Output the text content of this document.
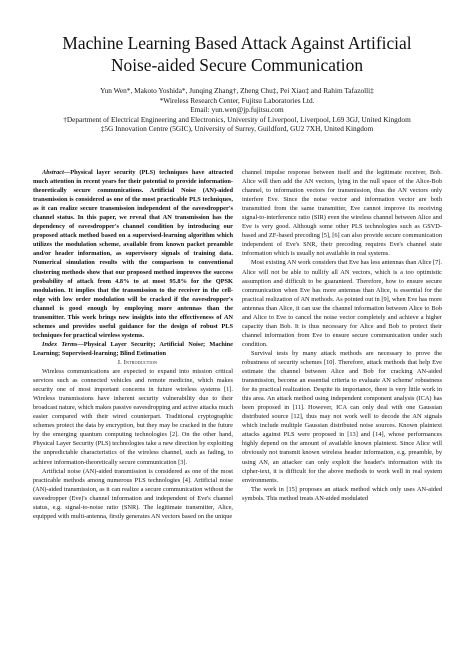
Machine Learning Based Attack Against Artificial
Noise-aided Secure Communication
Yun Wen*, Makoto Yoshida*, Junqing Zhang†, Zheng Chu‡, Pei Xiao‡ and Rahim Tafazolli‡
*Wireless Research Center, Fujitsu Laboratories Ltd.
Email: yun.wen@jp.fujitsu.com
†Department of Electrical Engineering and Electronics, University of Liverpool, Liverpool, L69 3GJ, United Kingdom
‡5G Innovation Centre (5GIC), University of Surrey, Guildford, GU2 7XH, United Kingdom

Abstract—Physical layer security (PLS) techniques have attracted much attention in recent years for their potential to provide information-theoretically secure communications. Artificial Noise (AN)-aided transmission is considered as one of the most practicable PLS techniques, as it can realize secure transmission independent of the eavesdropper's channel status. In this paper, we reveal that AN transmission has the dependency of eavesdropper's channel condition by introducing our proposed attack method based on a supervised-learning algorithm which utilizes the modulation scheme, available from known packet preamble and/or header information, as supervisory signals of training data. Numerical simulation results with the comparison to conventional clustering methods show that our proposed method improves the success probability of attack from 4.8% to at most 95.8% for the QPSK modulation. It implies that the transmission to the receiver in the cell-edge with low order modulation will be cracked if the eavesdropper's channel is good enough by employing more antennas than the transmitter. This work brings new insights into the effectiveness of AN schemes and provides useful guidance for the design of robust PLS techniques for practical wireless systems.

Index Terms—Physical Layer Security; Artificial Noise; Machine Learning; Supervised-learning; Blind Estimation

I. Introduction

Wireless communications are expected to expand into mission critical services such as connected vehicles and remote medicine, which makes security one of most important concerns in future wireless systems [1]. Wireless transmissions have inherent security vulnerability due to their broadcast nature, which makes passive eavesdropping and active attacks much easier compared with their wired counterpart. Traditional cryptographic schemes protect the data by encryption, but they may be cracked in the future by the emerging quantum computing technologies [2]. On the other hand, Physical Layer Security (PLS) technologies take a new direction by exploiting the unpredictable characteristics of the wireless channel, such as fading, to achieve information-theoretically secure communication [3].

Artificial noise (AN)-aided transmission is considered as one of the most practicable methods among numerous PLS technologies [4]. Artificial noise (AN)-aided transmission, as it can realize a secure communication without the eavesdropper (Eve)'s channel information and independent of Eve's channel status, e.g. signal-to-noise ratio (SNR). The legitimate transmitter, Alice, equipped with multi-antenna, firstly generates AN vectors based on the unique

channel impulse response between itself and the legitimate receiver, Bob. Alice will then add the AN vectors, lying in the null space of the Alice-Bob channel, to information vectors for transmission, thus the AN vectors only interfere Eve. Since the noise vector and information vector are both transmitted from the same transmitter, Eve cannot improve its receiving signal-to-interference ratio (SIR) even the wireless channel between Alice and Eve is very good. Although some other PLS technologies such as GSVD-based and ZF-based precoding [5], [6] can also provide secure communication independent of Eve's SNR, their precoding requires Eve's channel state information which is usually not available in real systems.

Most existing AN work considers that Eve has less antennas than Alice [7]. Alice will not be able to nullify all AN vectors, which is a too optimistic assumption and difficult to be guaranteed. Therefore, how to ensure secure communication when Eve has more antennas than Alice, is essential for the practical realization of AN methods. As pointed out in [9], when Eve has more antennas than Alice, it can use the channel information between Alice to Bob and Alice to Eve to cancel the noise vector completely and achieve a higher capacity than Bob. It is thus necessary for Alice and Bob to protect their channel information from Eve to ensure secure communication under such condition.

Survival tests by many attack methods are necessary to prove the robustness of security schemes [10]. Therefore, attack methods that help Eve estimate the channel between Alice and Bob for cracking AN-aided transmission, become an essential criteria to evaluate AN scheme' robustness for its practical realization. Despite its importance, there is very little work in this area. An attack method using independent component analysis (ICA) has been proposed in [11]. However, ICA can only deal with one Gaussian distributed source [12], thus may not work well to decode the AN signals which include multiple Gaussian distributed noise sources. Known plaintext attacks against PLS were proposed in [13] and [14], whose performances highly depend on the amount of available known plaintext. Since Alice will obviously not transmit known wireless header information, e.g. preamble, by using AN, an attacker can only exploit the header's information with its cipher-text, it is difficult for the above methods to work well in real system environments.

The work in [15] proposes an attack method which only uses AN-aided symbols. This method treats AN-aided modulated
